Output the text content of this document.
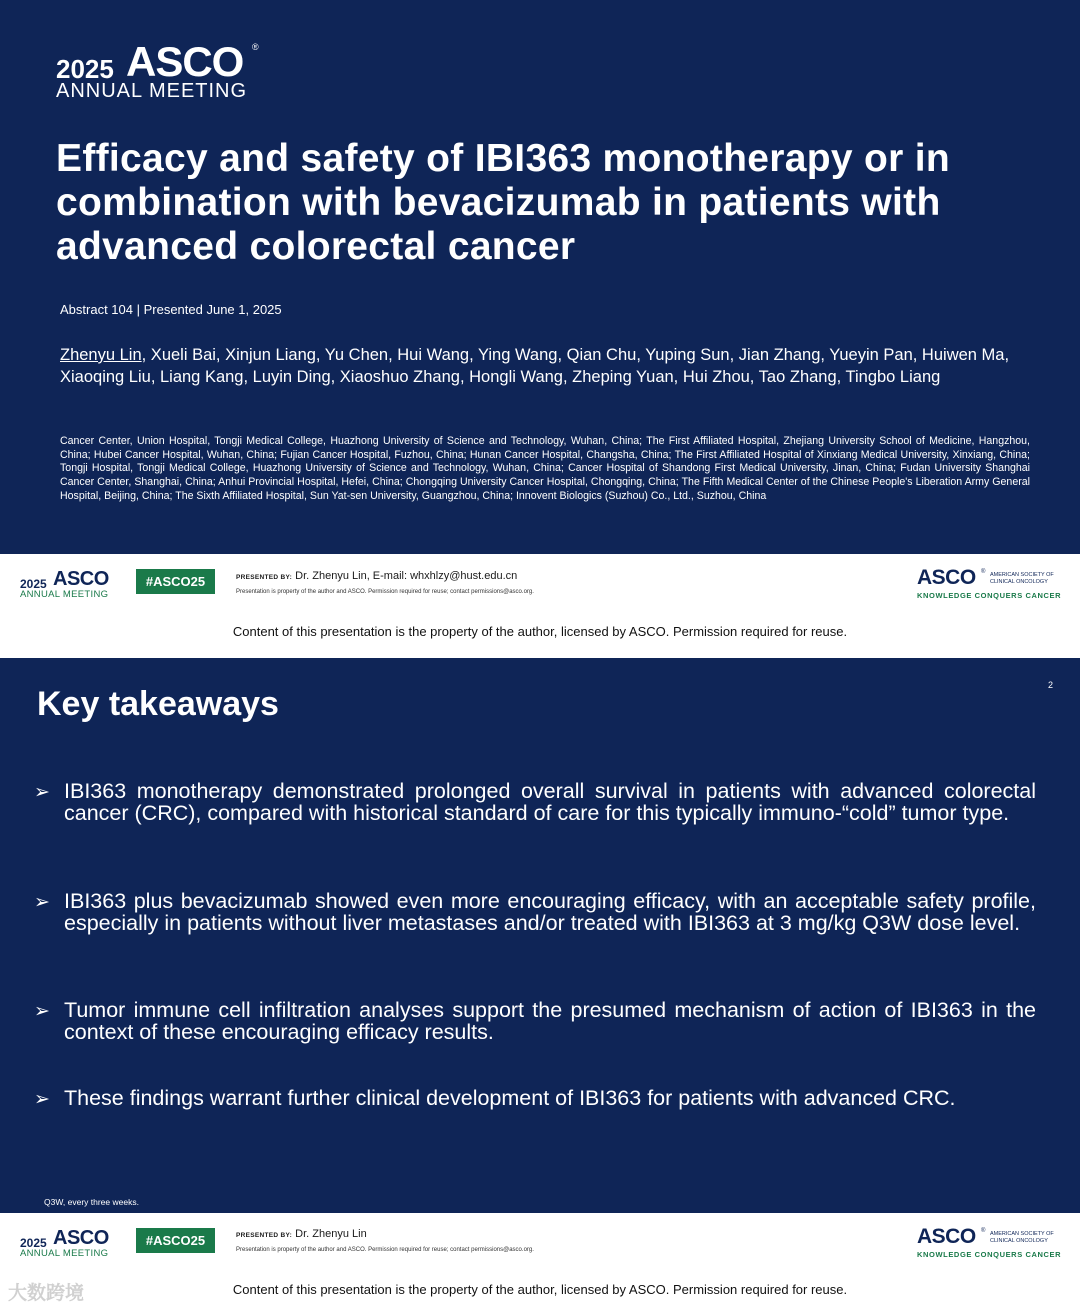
2025 ASCO ®
ANNUAL MEETING
Efficacy and safety of IBI363 monotherapy or in combination with bevacizumab in patients with advanced colorectal cancer
Abstract 104 | Presented June 1, 2025
Zhenyu Lin, Xueli Bai, Xinjun Liang, Yu Chen, Hui Wang, Ying Wang, Qian Chu, Yuping Sun, Jian Zhang, Yueyin Pan, Huiwen Ma, Xiaoqing Liu, Liang Kang, Luyin Ding, Xiaoshuo Zhang, Hongli Wang, Zheping Yuan, Hui Zhou, Tao Zhang, Tingbo Liang
Cancer Center, Union Hospital, Tongji Medical College, Huazhong University of Science and Technology, Wuhan, China; The First Affiliated Hospital, Zhejiang University School of Medicine, Hangzhou, China; Hubei Cancer Hospital, Wuhan, China; Fujian Cancer Hospital, Fuzhou, China; Hunan Cancer Hospital, Changsha, China; The First Affiliated Hospital of Xinxiang Medical University, Xinxiang, China; Tongji Hospital, Tongji Medical College, Huazhong University of Science and Technology, Wuhan, China; Cancer Hospital of Shandong First Medical University, Jinan, China; Fudan University Shanghai Cancer Center, Shanghai, China; Anhui Provincial Hospital, Hefei, China; Chongqing University Cancer Hospital, Chongqing, China; The Fifth Medical Center of the Chinese People's Liberation Army General Hospital, Beijing, China; The Sixth Affiliated Hospital, Sun Yat-sen University, Guangzhou, China; Innovent Biologics (Suzhou) Co., Ltd., Suzhou, China
2025 ASCO
ANNUAL MEETING
#ASCO25	PRESENTED BY: Dr. Zhenyu Lin, E-mail: whxhlzy@hust.edu.cn
Presentation is property of the author and ASCO. Permission required for reuse; contact permissions@asco.org.
ASCO ® AMERICAN SOCIETY OF CLINICAL ONCOLOGY
KNOWLEDGE CONQUERS CANCER
Content of this presentation is the property of the author, licensed by ASCO. Permission required for reuse.
2
Key takeaways
➢ IBI363 monotherapy demonstrated prolonged overall survival in patients with advanced colorectal cancer (CRC), compared with historical standard of care for this typically immuno-“cold” tumor type.
➢ IBI363 plus bevacizumab showed even more encouraging efficacy, with an acceptable safety profile, especially in patients without liver metastases and/or treated with IBI363 at 3 mg/kg Q3W dose level.
➢ Tumor immune cell infiltration analyses support the presumed mechanism of action of IBI363 in the context of these encouraging efficacy results.
➢ These findings warrant further clinical development of IBI363 for patients with advanced CRC.
Q3W, every three weeks.
2025 ASCO
ANNUAL MEETING
#ASCO25	PRESENTED BY: Dr. Zhenyu Lin
Presentation is property of the author and ASCO. Permission required for reuse; contact permissions@asco.org.
ASCO ® AMERICAN SOCIETY OF CLINICAL ONCOLOGY
KNOWLEDGE CONQUERS CANCER
Content of this presentation is the property of the author, licensed by ASCO. Permission required for reuse.
大数跨境
